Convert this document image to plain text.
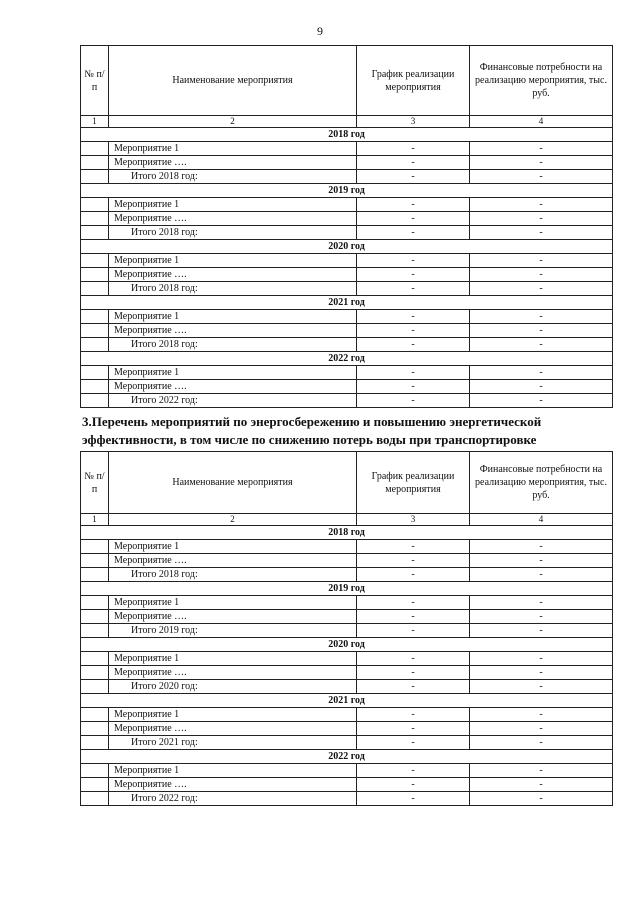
9
№ п/п	Наименование мероприятия	График реализации мероприятия	Финансовые потребности на реализацию мероприятия, тыс. руб.
1	2	3	4
2018 год			
	Мероприятие 1	-	-
	Мероприятие ….	-	-
	Итого 2018 год:	-	-
2019 год			
	Мероприятие 1	-	-
	Мероприятие ….	-	-
	Итого 2018 год:	-	-
2020 год			
	Мероприятие 1	-	-
	Мероприятие ….	-	-
	Итого 2018 год:	-	-
2021 год			
	Мероприятие 1	-	-
	Мероприятие ….	-	-
	Итого 2018 год:	-	-
2022 год			
	Мероприятие 1	-	-
	Мероприятие ….	-	-
	Итого 2022 год:	-	-
3.Перечень мероприятий по энергосбережению и повышению энергетической эффективности, в том числе по снижению потерь воды при транспортировке
№ п/п	Наименование мероприятия	График реализации мероприятия	Финансовые потребности на реализацию мероприятия, тыс. руб.
1	2	3	4
2018 год			
	Мероприятие 1	-	-
	Мероприятие ….	-	-
	Итого 2018 год:	-	-
2019 год			
	Мероприятие 1	-	-
	Мероприятие ….	-	-
	Итого 2019 год:	-	-
2020 год			
	Мероприятие 1	-	-
	Мероприятие ….	-	-
	Итого 2020 год:	-	-
2021 год			
	Мероприятие 1	-	-
	Мероприятие ….	-	-
	Итого 2021 год:	-	-
2022 год			
	Мероприятие 1	-	-
	Мероприятие ….	-	-
	Итого 2022 год:	-	-
